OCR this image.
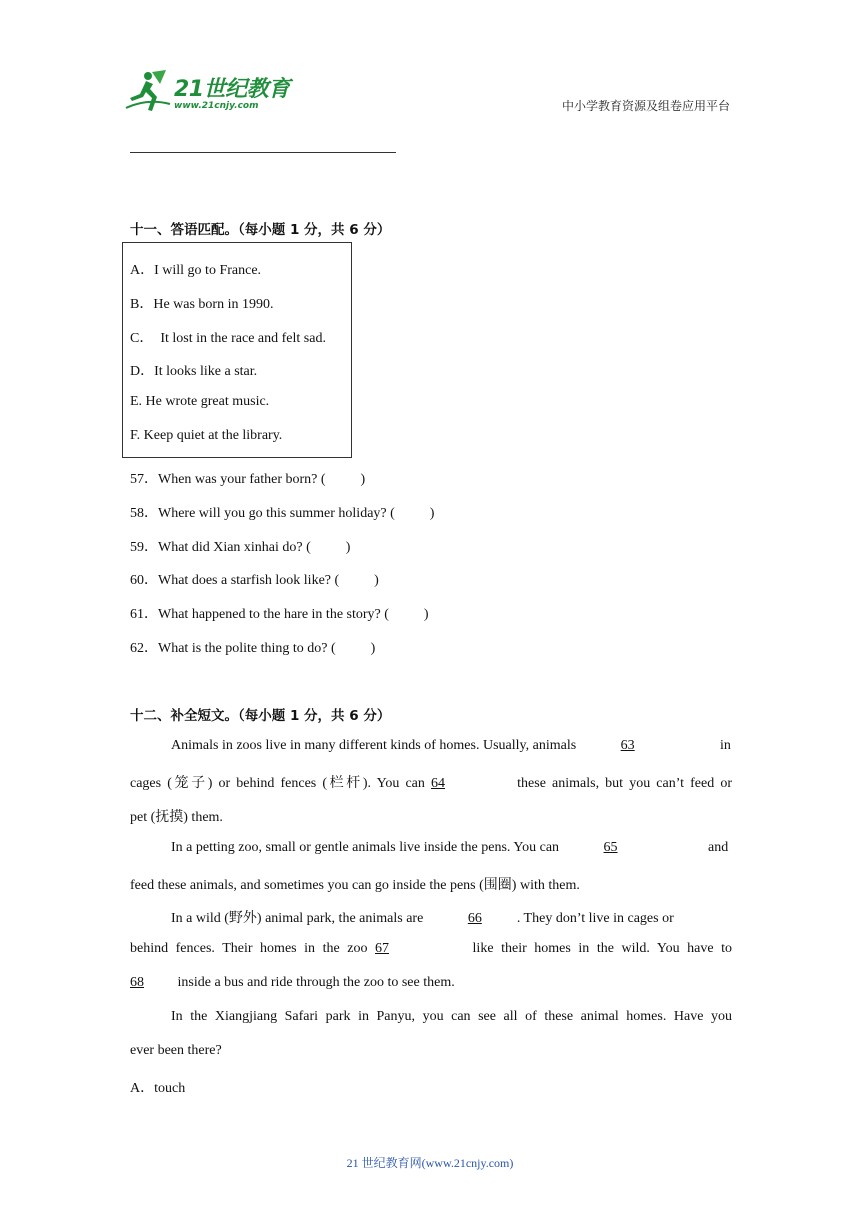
21世纪教育
www.21cnjy.com	中小学教育资源及组卷应用平台
十一、答语匹配。（每小题 1 分，共 6 分）
A．I will go to France.
B．He was born in 1990.
C．  It lost in the race and felt sad.
D．It looks like a star.
E. He wrote great music.
F. Keep quiet at the library.
57．When was your father born? (          )
58．Where will you go this summer holiday? (          )
59．What did Xian xinhai do? (          )
60．What does a starfish look like? (          )
61．What happened to the hare in the story? (          )
62．What is the polite thing to do? (          )
十二、补全短文。（每小题 1 分，共 6 分）
Animals in zoos live in many different kinds of homes. Usually, animals	63	in
cages (笼子) or behind fences (栏杆). You can 64	these animals, but you can’t feed or
pet (抚摸) them.
In a petting zoo, small or gentle animals live inside the pens. You can	65	and
feed these animals, and sometimes you can go inside the pens (围圈) with them.
In a wild (野外) animal park, the animals are	66	. They don’t live in cages or
behind fences. Their homes in the zoo 67	like their homes in the wild. You have to
68 inside a bus and ride through the zoo to see them.
In the Xiangjiang Safari park in Panyu, you can see all of these animal homes. Have you
ever been there?
A．touch
21 世纪教育网(www.21cnjy.com)
